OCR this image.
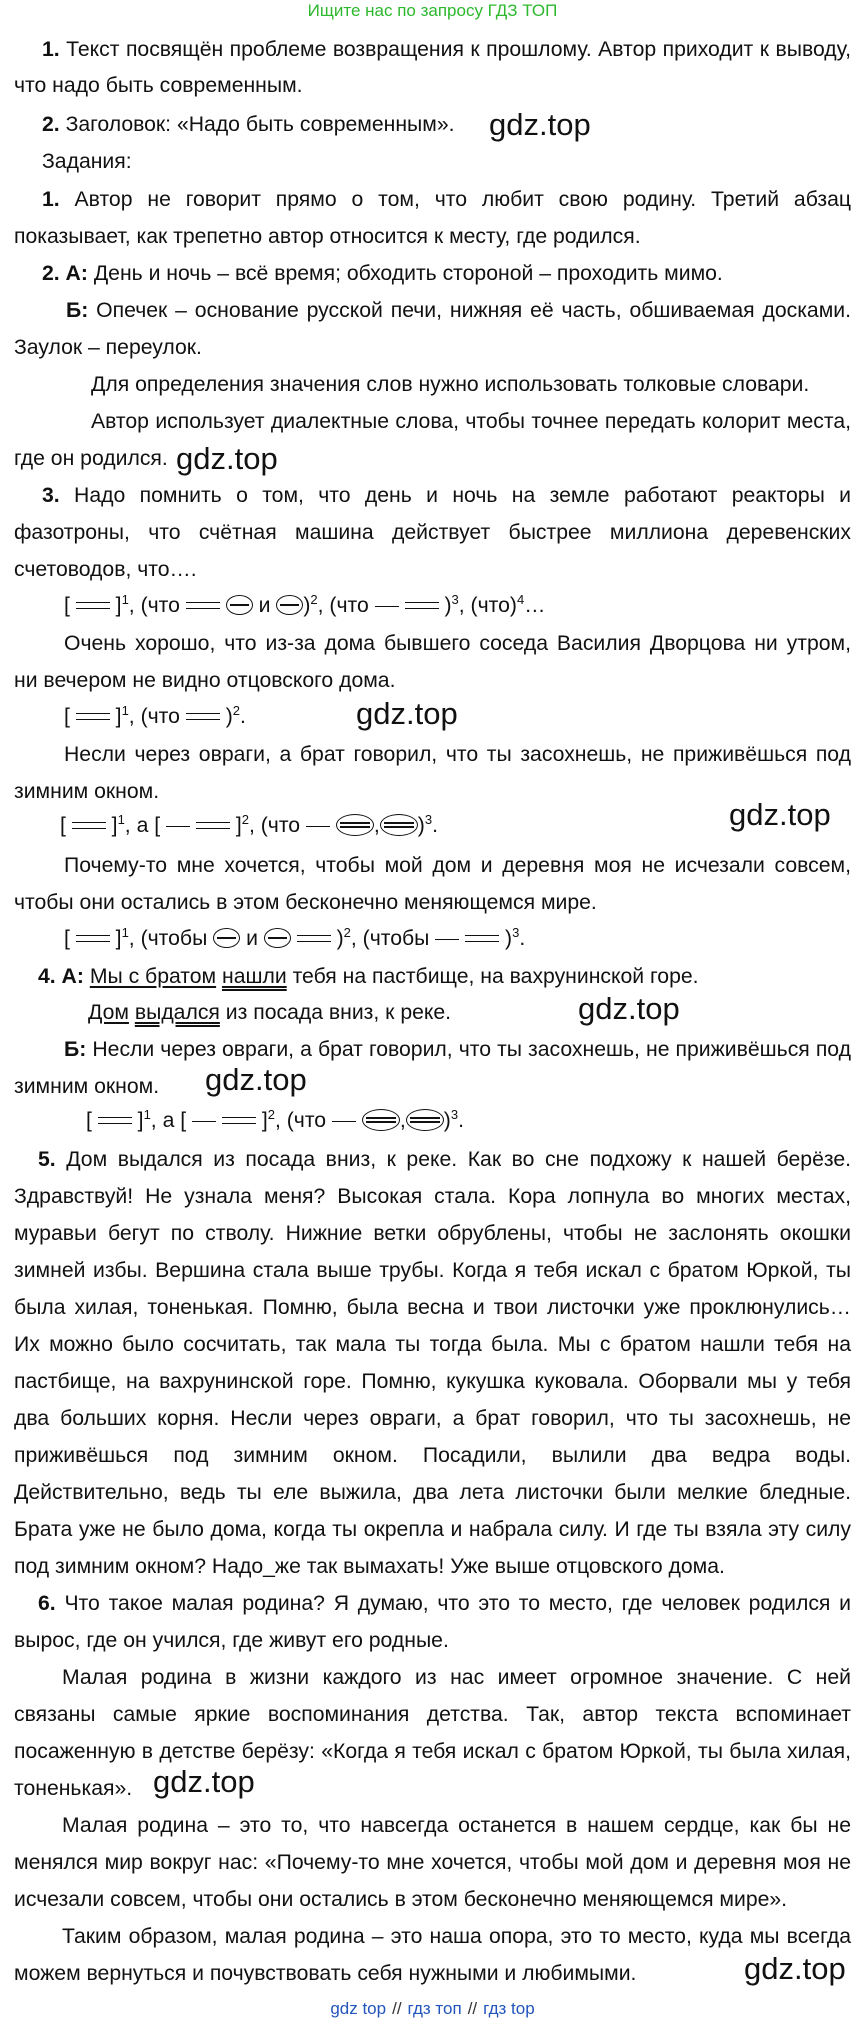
Ищите нас по запросу ГДЗ ТОП
1. Текст посвящён проблеме возвращения к прошлому. Автор приходит к выводу,
что надо быть современным.
2. Заголовок: «Надо быть современным». gdz.top
Задания:
1. Автор не говорит прямо о том, что любит свою родину. Третий абзац
показывает, как трепетно автор относится к месту, где родился.
2. А: День и ночь – всё время; обходить стороной – проходить мимо.
Б: Опечек – основание русской печи, нижняя её часть, обшиваемая досками.
Заулок – переулок.
Для определения значения слов нужно использовать толковые словари.
Автор использует диалектные слова, чтобы точнее передать колорит места,
где он родился. gdz.top
3. Надо помнить о том, что день и ночь на земле работают реакторы и
фазотроны, что счётная машина действует быстрее миллиона деревенских
счетоводов, что….
[  ]$^1$, (что	и )$^2$, (что	)$^3$, (что)$^4$…
Очень хорошо, что из-за дома бывшего соседа Василия Дворцова ни утром,
ни вечером не видно отцовского дома.
[  ]$^1$, (что  )$^2$.	gdz.top
Несли через овраги, а брат говорил, что ты засохнешь, не приживёшься под
зимним окном.
[  ]$^1$, а [	]$^2$, (что	, )$^3$.	gdz.top
Почему-то мне хочется, чтобы мой дом и деревня моя не исчезали совсем,
чтобы они остались в этом бесконечно меняющемся мире.
[  ]$^1$, (чтобы и	)$^2$, (чтобы	)$^3$.
4. А: Мы с братом нашли тебя на пастбище, на вахрунинской горе.
Дом выдался из посада вниз, к реке.	gdz.top
Б: Несли через овраги, а брат говорил, что ты засохнешь, не приживёшься под
зимним окном. gdz.top
[  ]$^1$, а [	]$^2$, (что	, )$^3$.
5. Дом выдался из посада вниз, к реке. Как во сне подхожу к нашей берёзе.
Здравствуй! Не узнала меня? Высокая стала. Кора лопнула во многих местах,
муравьи бегут по стволу. Нижние ветки обрублены, чтобы не заслонять окошки
зимней избы. Вершина стала выше трубы. Когда я тебя искал с братом Юркой, ты
была хилая, тоненькая. Помню, была весна и твои листочки уже проклюнулись…
Их можно было сосчитать, так мала ты тогда была. Мы с братом нашли тебя на
пастбище, на вахрунинской горе. Помню, кукушка куковала. Оборвали мы у тебя
два больших корня. Несли через овраги, а брат говорил, что ты засохнешь, не
приживёшься под зимним окном. Посадили, вылили два ведра воды.
Действительно, ведь ты еле выжила, два лета листочки были мелкие бледные.
Брата уже не было дома, когда ты окрепла и набрала силу. И где ты взяла эту силу
под зимним окном? Надо_же так вымахать! Уже выше отцовского дома.
6. Что такое малая родина? Я думаю, что это то место, где человек родился и
вырос, где он учился, где живут его родные.
Малая родина в жизни каждого из нас имеет огромное значение. С ней
связаны самые яркие воспоминания детства. Так, автор текста вспоминает
посаженную в детстве берёзу: «Когда я тебя искал с братом Юркой, ты была хилая,
тоненькая». gdz.top
Малая родина – это то, что навсегда останется в нашем сердце, как бы не
менялся мир вокруг нас: «Почему-то мне хочется, чтобы мой дом и деревня моя не
исчезали совсем, чтобы они остались в этом бесконечно меняющемся мире».
Таким образом, малая родина – это наша опора, это то место, куда мы всегда
можем вернуться и почувствовать себя нужными и любимыми.	gdz.top
gdz top // гдз топ // гдз top
